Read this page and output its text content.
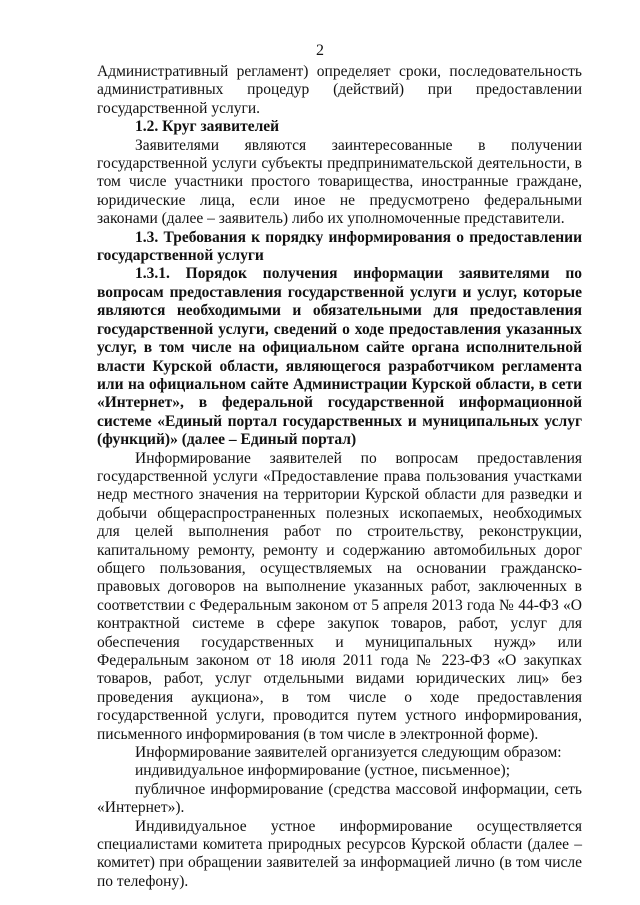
2

Административный регламент) определяет сроки, последовательность административных процедур (действий) при предоставлении государственной услуги.

1.2. Круг заявителей

Заявителями являются заинтересованные в получении государственной услуги субъекты предпринимательской деятельности, в том числе участники простого товарищества, иностранные граждане, юридические лица, если иное не предусмотрено федеральными законами (далее – заявитель) либо их уполномоченные представители.

1.3. Требования к порядку информирования о предоставлении государственной услуги

1.3.1. Порядок получения информации заявителями по вопросам предоставления государственной услуги и услуг, которые являются необходимыми и обязательными для предоставления государственной услуги, сведений о ходе предоставления указанных услуг, в том числе на официальном сайте органа исполнительной власти Курской области, являющегося разработчиком регламента или на официальном сайте Администрации Курской области, в сети «Интернет», в федеральной государственной информационной системе «Единый портал государственных и муниципальных услуг (функций)» (далее – Единый портал)

Информирование заявителей по вопросам предоставления государственной услуги «Предоставление права пользования участками недр местного значения на территории Курской области для разведки и добычи общераспространенных полезных ископаемых, необходимых для целей выполнения работ по строительству, реконструкции, капитальному ремонту, ремонту и содержанию автомобильных дорог общего пользования, осуществляемых на основании гражданско-правовых договоров на выполнение указанных работ, заключенных в соответствии с Федеральным законом от 5 апреля 2013 года № 44-ФЗ «О контрактной системе в сфере закупок товаров, работ, услуг для обеспечения государственных и муниципальных нужд» или Федеральным законом от 18 июля 2011 года № 223-ФЗ «О закупках товаров, работ, услуг отдельными видами юридических лиц» без проведения аукциона», в том числе о ходе предоставления государственной услуги, проводится путем устного информирования, письменного информирования (в том числе в электронной форме).

Информирование заявителей организуется следующим образом:

индивидуальное информирование (устное, письменное);

публичное информирование (средства массовой информации, сеть «Интернет»).

Индивидуальное устное информирование осуществляется специалистами комитета природных ресурсов Курской области (далее – комитет) при обращении заявителей за информацией лично (в том числе по телефону).
